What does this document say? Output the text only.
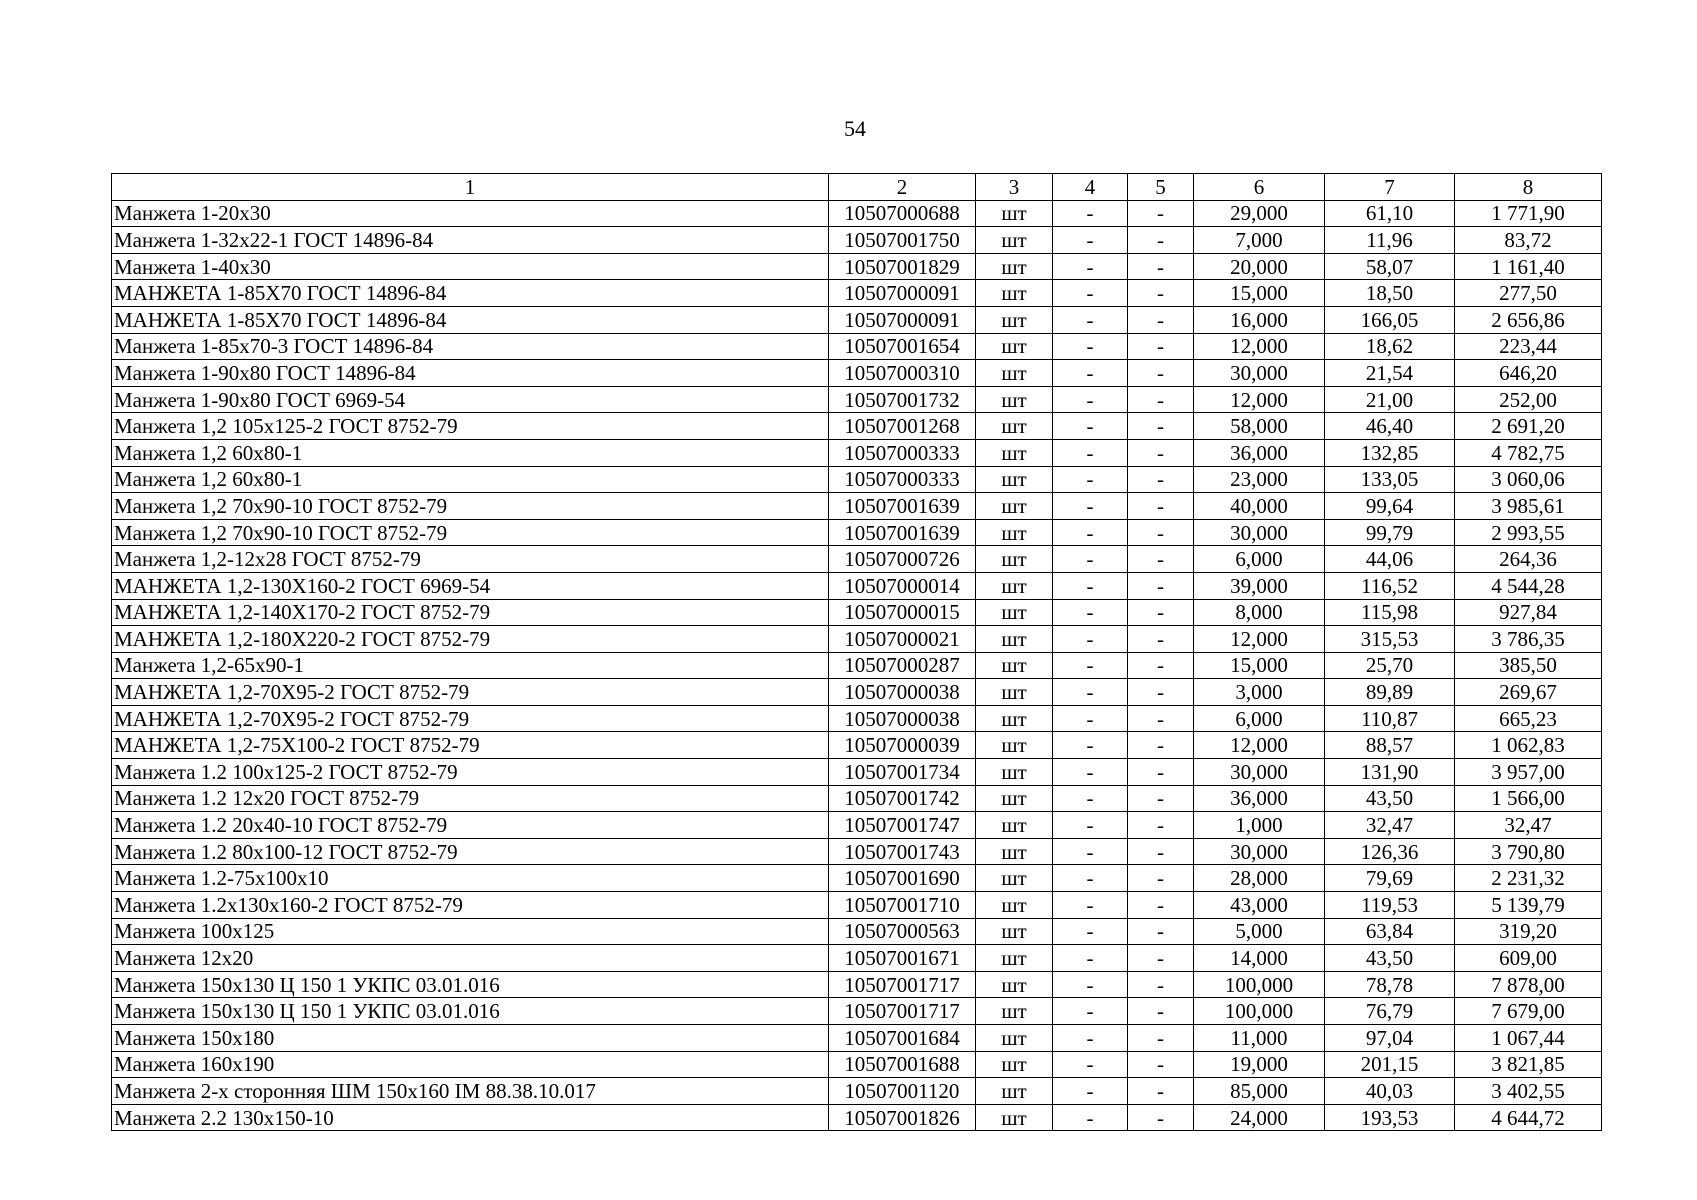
54
1	2	3	4	5	6	7	8
Манжета 1-20х30	10507000688	шт	-	-	29,000	61,10	1 771,90
Манжета 1-32х22-1 ГОСТ 14896-84	10507001750	шт	-	-	7,000	11,96	83,72
Манжета 1-40х30	10507001829	шт	-	-	20,000	58,07	1 161,40
МАНЖЕТА 1-85Х70 ГОСТ 14896-84	10507000091	шт	-	-	15,000	18,50	277,50
МАНЖЕТА 1-85Х70 ГОСТ 14896-84	10507000091	шт	-	-	16,000	166,05	2 656,86
Манжета 1-85х70-3 ГОСТ 14896-84	10507001654	шт	-	-	12,000	18,62	223,44
Манжета 1-90х80 ГОСТ 14896-84	10507000310	шт	-	-	30,000	21,54	646,20
Манжета 1-90х80 ГОСТ 6969-54	10507001732	шт	-	-	12,000	21,00	252,00
Манжета 1,2 105х125-2 ГОСТ 8752-79	10507001268	шт	-	-	58,000	46,40	2 691,20
Манжета 1,2 60х80-1	10507000333	шт	-	-	36,000	132,85	4 782,75
Манжета 1,2 60х80-1	10507000333	шт	-	-	23,000	133,05	3 060,06
Манжета 1,2 70х90-10 ГОСТ 8752-79	10507001639	шт	-	-	40,000	99,64	3 985,61
Манжета 1,2 70х90-10 ГОСТ 8752-79	10507001639	шт	-	-	30,000	99,79	2 993,55
Манжета 1,2-12х28 ГОСТ 8752-79	10507000726	шт	-	-	6,000	44,06	264,36
МАНЖЕТА 1,2-130Х160-2 ГОСТ 6969-54	10507000014	шт	-	-	39,000	116,52	4 544,28
МАНЖЕТА 1,2-140Х170-2 ГОСТ 8752-79	10507000015	шт	-	-	8,000	115,98	927,84
МАНЖЕТА 1,2-180Х220-2 ГОСТ 8752-79	10507000021	шт	-	-	12,000	315,53	3 786,35
Манжета 1,2-65х90-1	10507000287	шт	-	-	15,000	25,70	385,50
МАНЖЕТА 1,2-70Х95-2 ГОСТ 8752-79	10507000038	шт	-	-	3,000	89,89	269,67
МАНЖЕТА 1,2-70Х95-2 ГОСТ 8752-79	10507000038	шт	-	-	6,000	110,87	665,23
МАНЖЕТА 1,2-75Х100-2 ГОСТ 8752-79	10507000039	шт	-	-	12,000	88,57	1 062,83
Манжета 1.2 100х125-2 ГОСТ 8752-79	10507001734	шт	-	-	30,000	131,90	3 957,00
Манжета 1.2 12х20 ГОСТ 8752-79	10507001742	шт	-	-	36,000	43,50	1 566,00
Манжета 1.2 20х40-10 ГОСТ 8752-79	10507001747	шт	-	-	1,000	32,47	32,47
Манжета 1.2 80х100-12 ГОСТ 8752-79	10507001743	шт	-	-	30,000	126,36	3 790,80
Манжета 1.2-75х100х10	10507001690	шт	-	-	28,000	79,69	2 231,32
Манжета 1.2х130х160-2 ГОСТ 8752-79	10507001710	шт	-	-	43,000	119,53	5 139,79
Манжета 100х125	10507000563	шт	-	-	5,000	63,84	319,20
Манжета 12х20	10507001671	шт	-	-	14,000	43,50	609,00
Манжета 150х130 Ц 150 1 УКПС 03.01.016	10507001717	шт	-	-	100,000	78,78	7 878,00
Манжета 150х130 Ц 150 1 УКПС 03.01.016	10507001717	шт	-	-	100,000	76,79	7 679,00
Манжета 150х180	10507001684	шт	-	-	11,000	97,04	1 067,44
Манжета 160х190	10507001688	шт	-	-	19,000	201,15	3 821,85
Манжета 2-х сторонняя ШМ 150х160 IМ 88.38.10.017	10507001120	шт	-	-	85,000	40,03	3 402,55
Манжета 2.2 130х150-10	10507001826	шт	-	-	24,000	193,53	4 644,72
